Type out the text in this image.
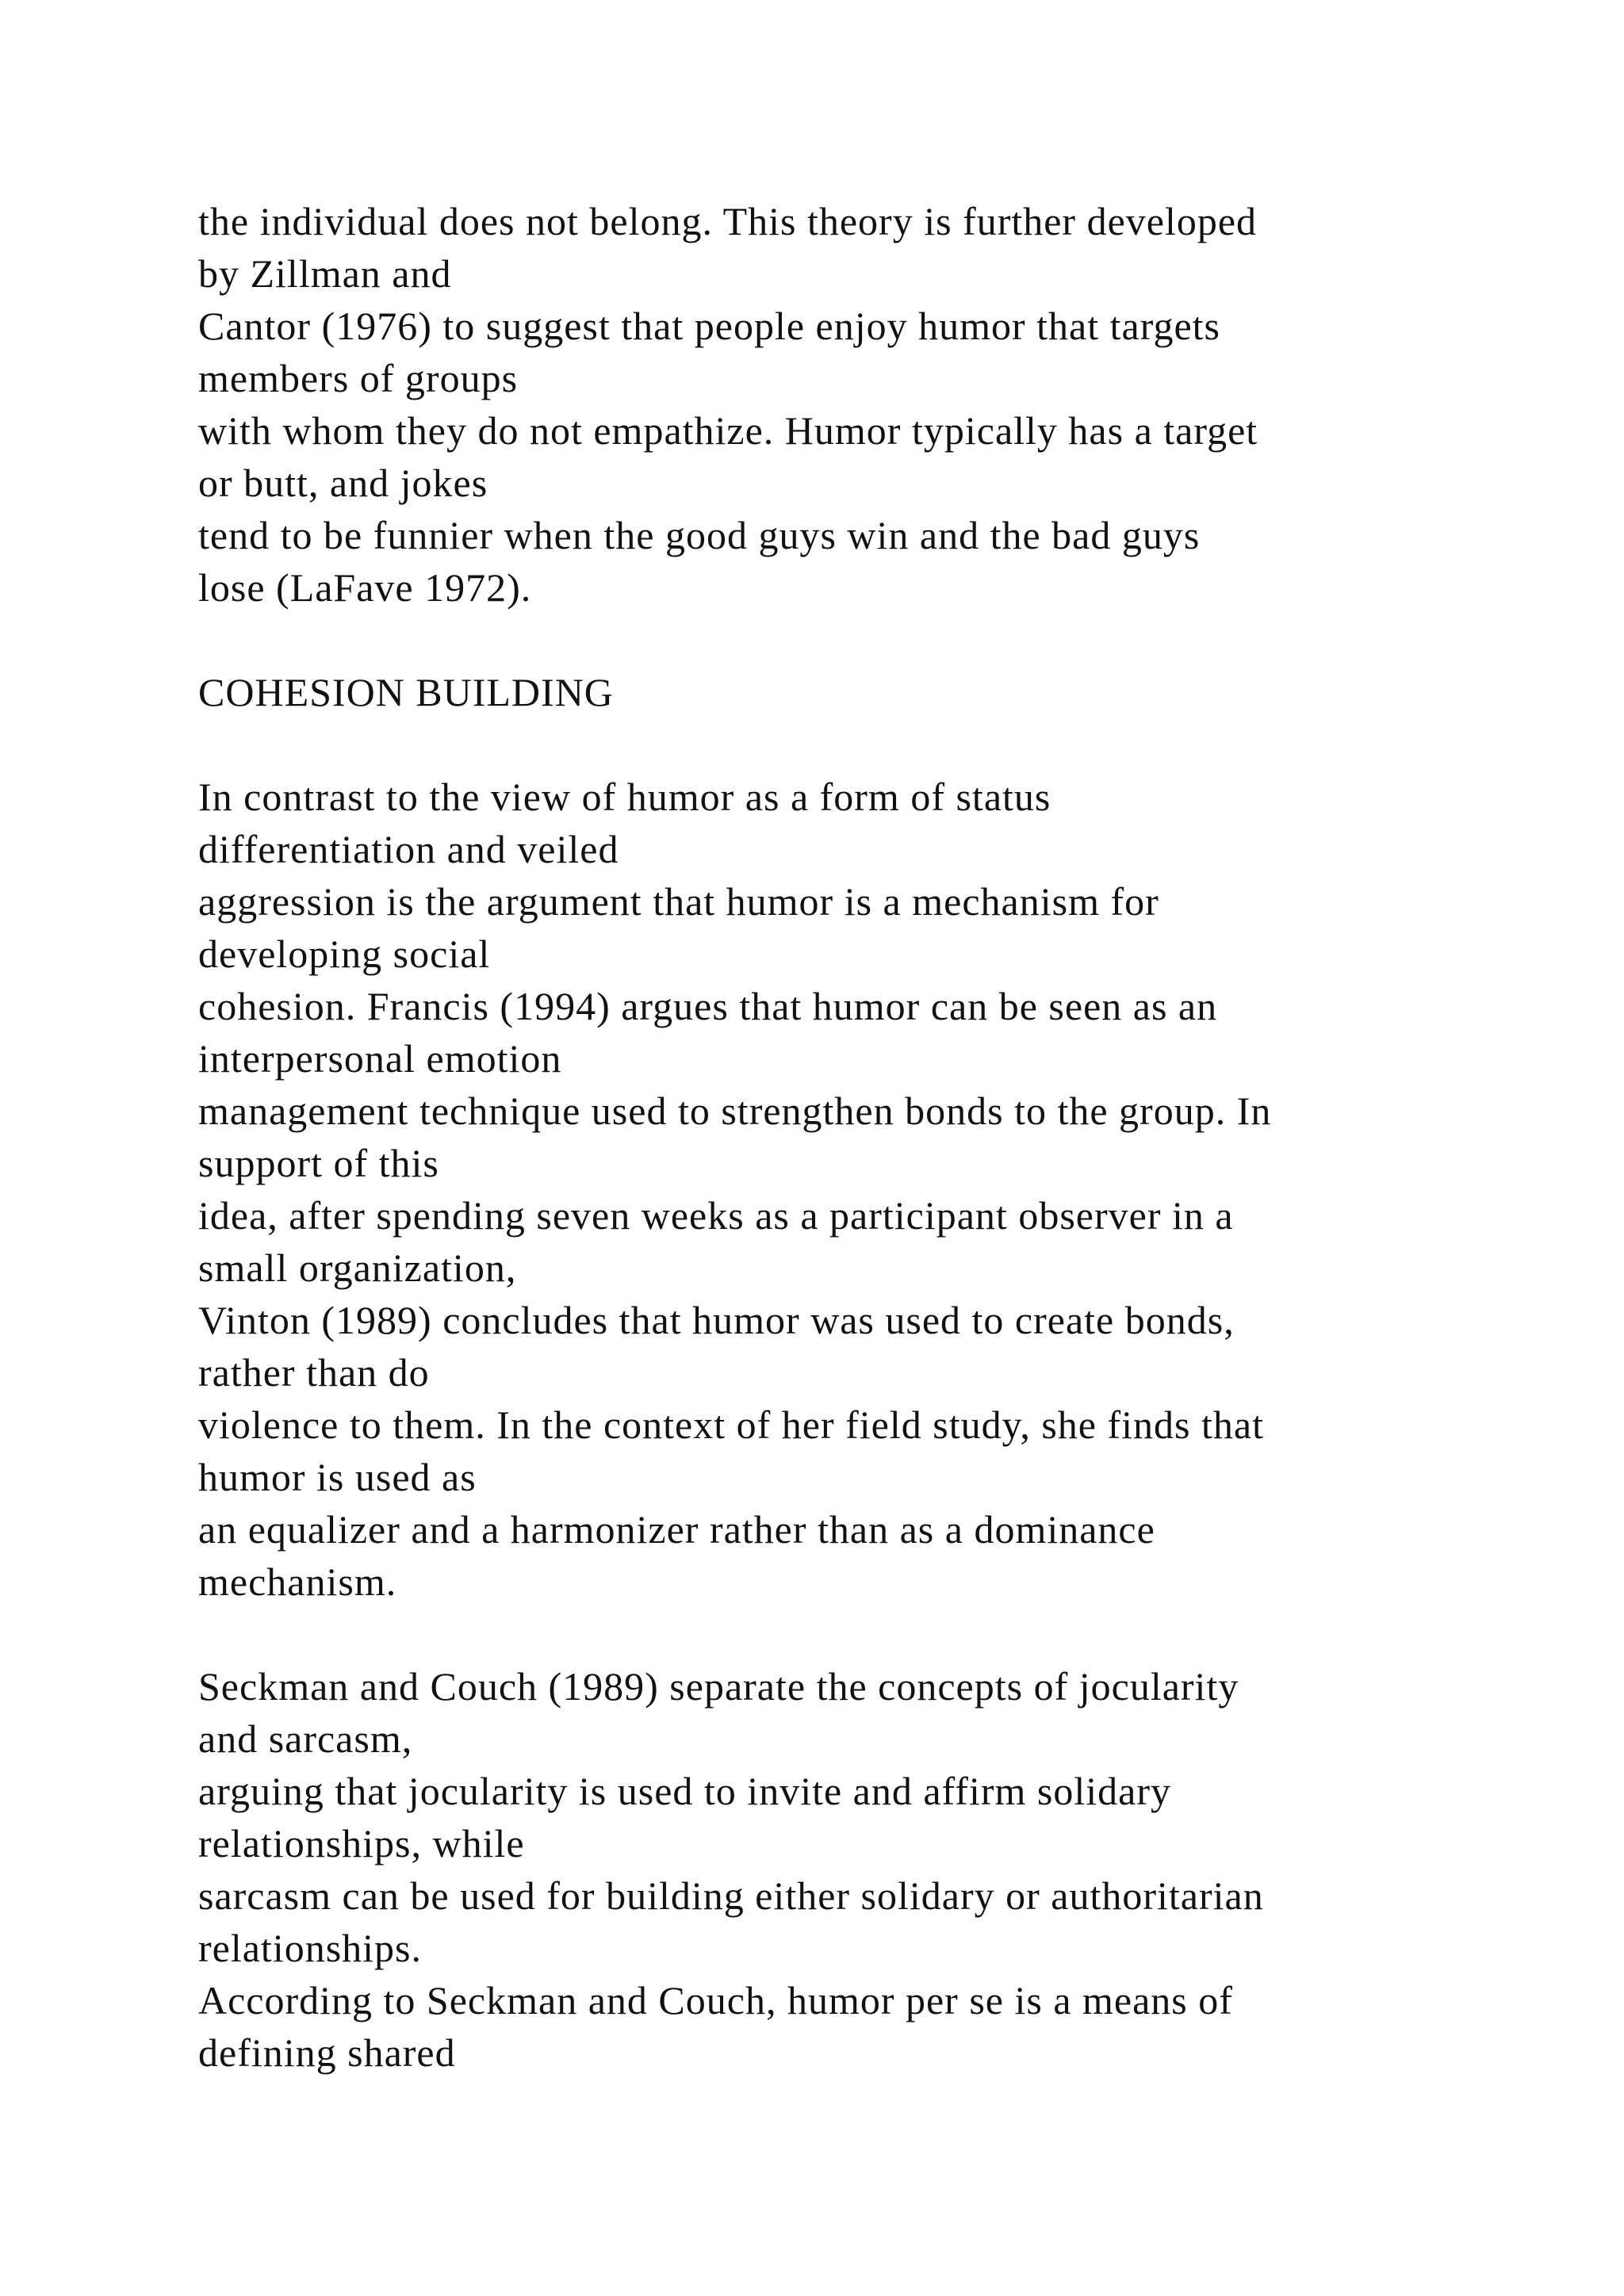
the individual does not belong. This theory is further developed
by Zillman and
Cantor (1976) to suggest that people enjoy humor that targets
members of groups
with whom they do not empathize. Humor typically has a target
or butt, and jokes
tend to be funnier when the good guys win and the bad guys
lose (LaFave 1972).
COHESION BUILDING
In contrast to the view of humor as a form of status
differentiation and veiled
aggression is the argument that humor is a mechanism for
developing social
cohesion. Francis (1994) argues that humor can be seen as an
interpersonal emotion
management technique used to strengthen bonds to the group. In
support of this
idea, after spending seven weeks as a participant observer in a
small organization,
Vinton (1989) concludes that humor was used to create bonds,
rather than do
violence to them. In the context of her field study, she finds that
humor is used as
an equalizer and a harmonizer rather than as a dominance
mechanism.
Seckman and Couch (1989) separate the concepts of jocularity
and sarcasm,
arguing that jocularity is used to invite and affirm solidary
relationships, while
sarcasm can be used for building either solidary or authoritarian
relationships.
According to Seckman and Couch, humor per se is a means of
defining shared
